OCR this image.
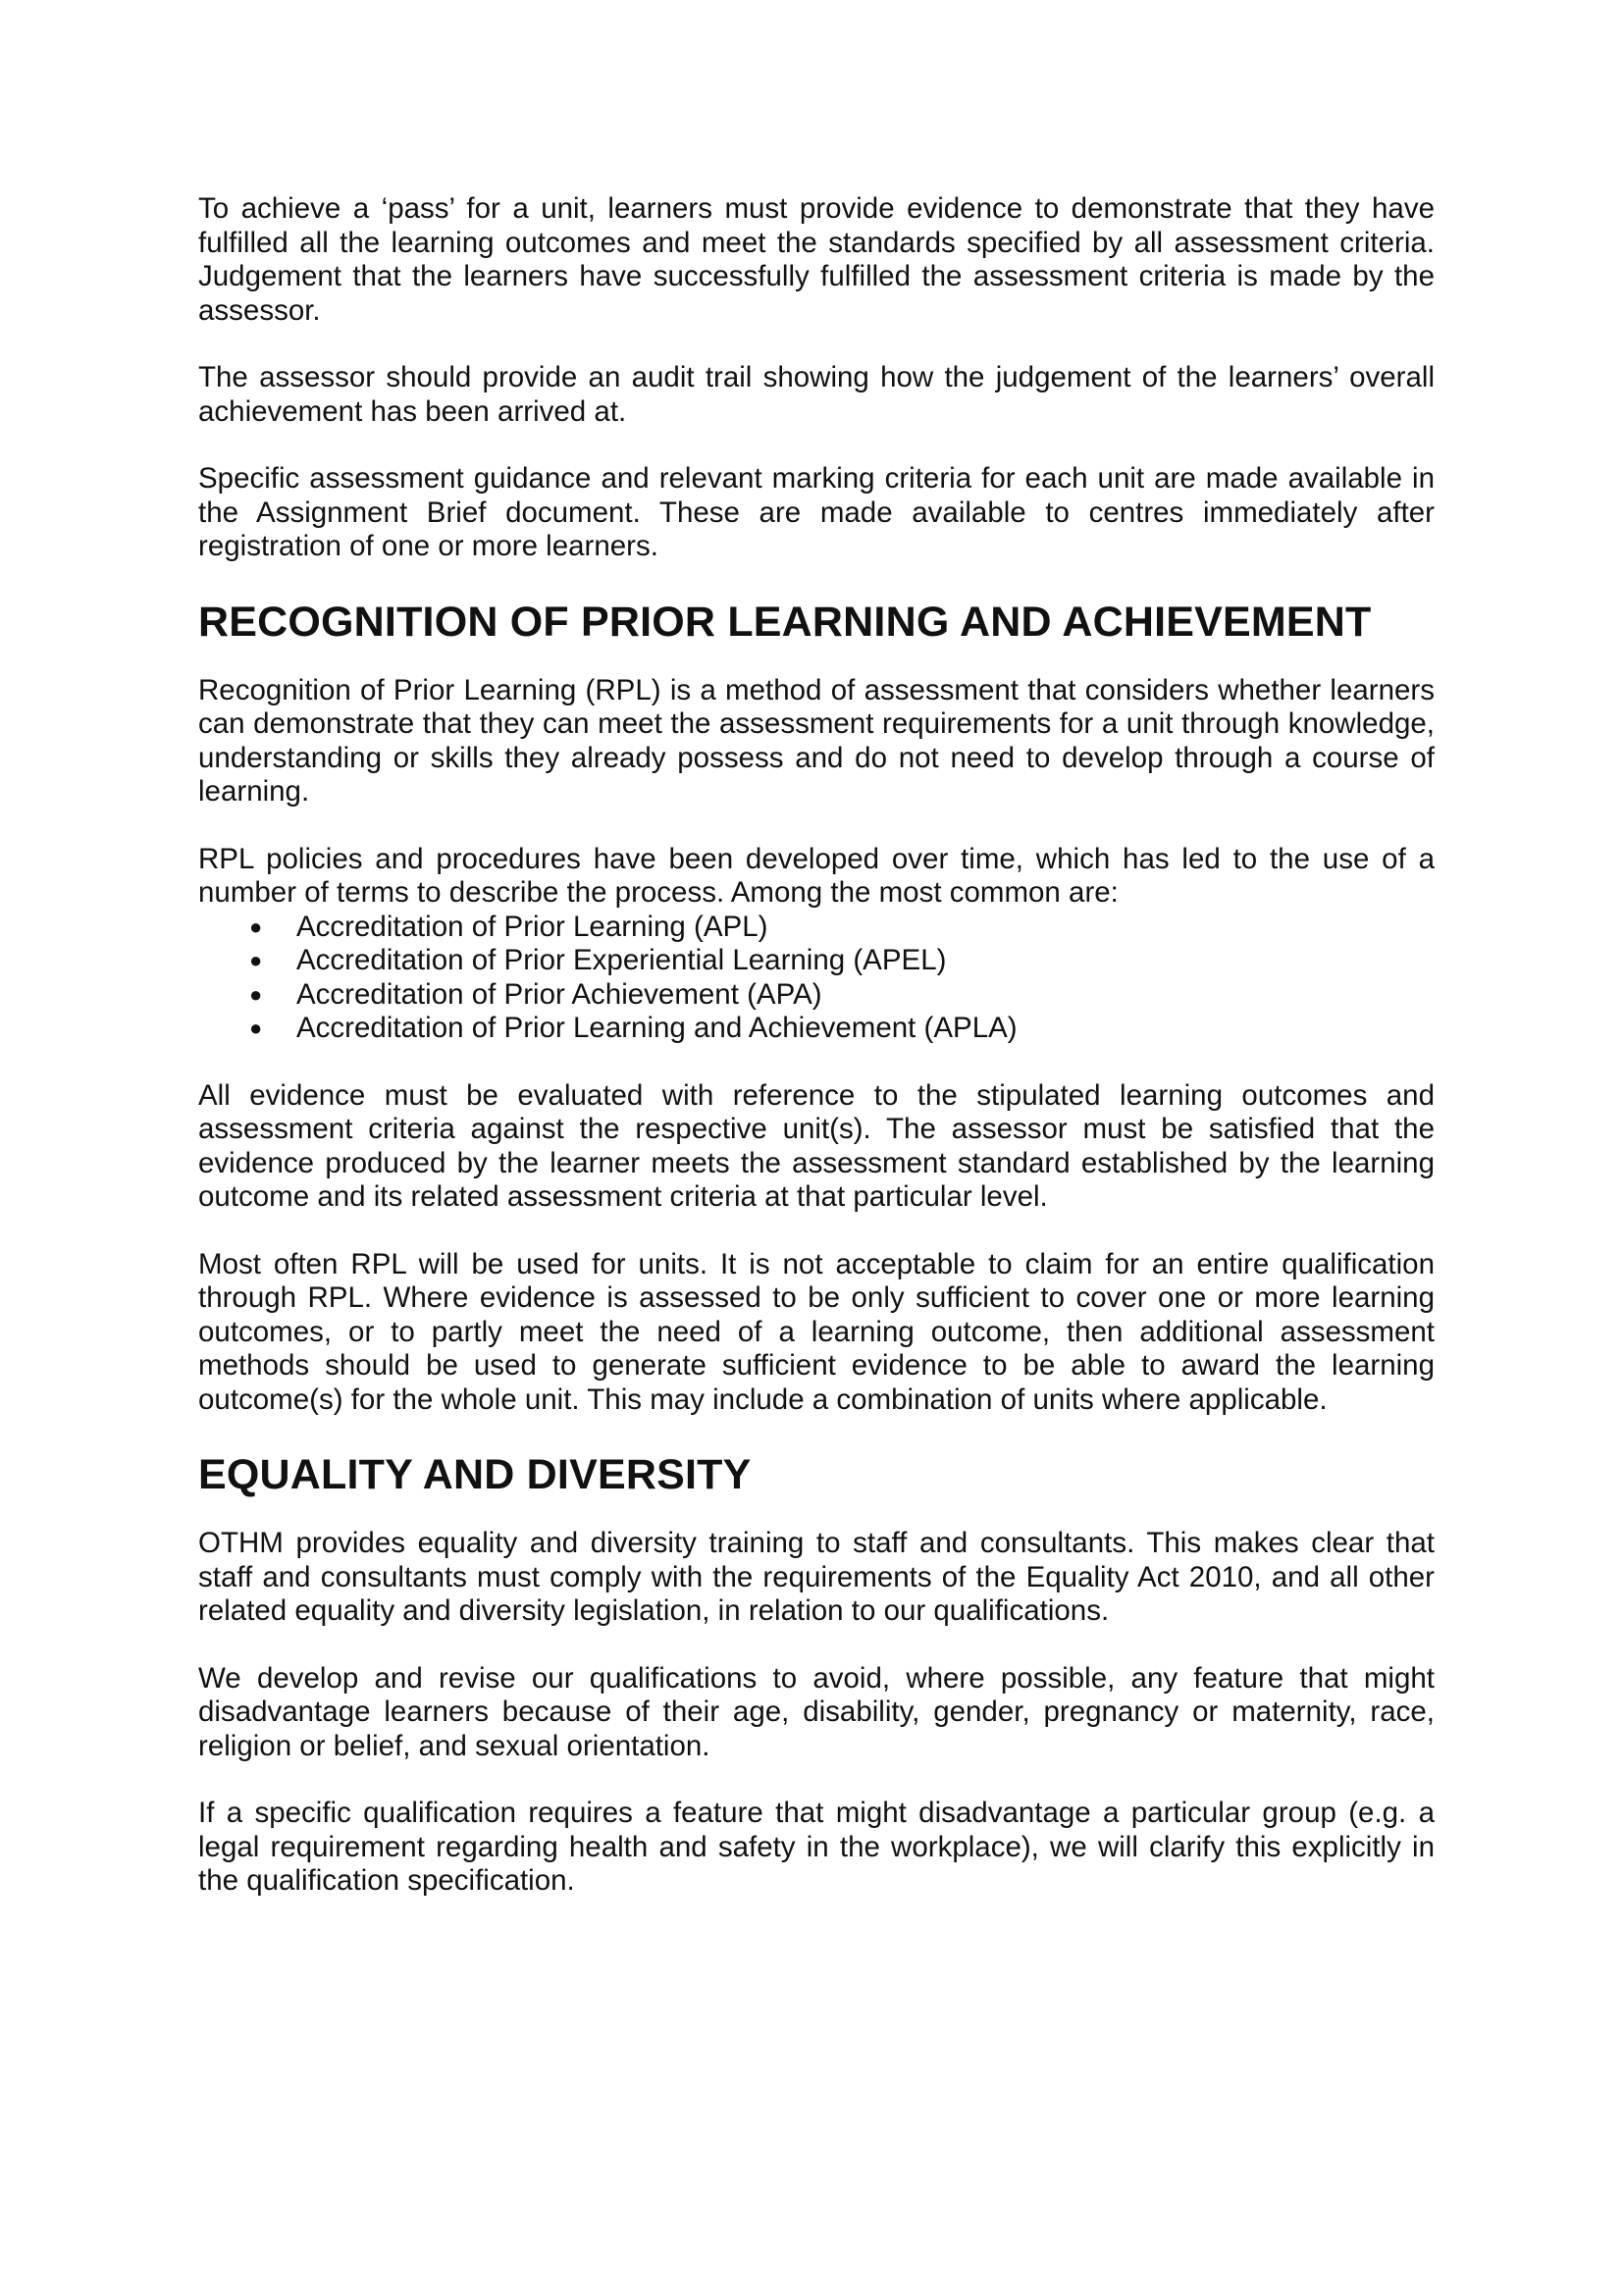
To achieve a ‘pass’ for a unit, learners must provide evidence to demonstrate that they have fulfilled all the learning outcomes and meet the standards specified by all assessment criteria. Judgement that the learners have successfully fulfilled the assessment criteria is made by the assessor.

The assessor should provide an audit trail showing how the judgement of the learners’ overall achievement has been arrived at.

Specific assessment guidance and relevant marking criteria for each unit are made available in the Assignment Brief document. These are made available to centres immediately after registration of one or more learners.

RECOGNITION OF PRIOR LEARNING AND ACHIEVEMENT

Recognition of Prior Learning (RPL) is a method of assessment that considers whether learners can demonstrate that they can meet the assessment requirements for a unit through knowledge, understanding or skills they already possess and do not need to develop through a course of learning.

RPL policies and procedures have been developed over time, which has led to the use of a number of terms to describe the process. Among the most common are:

● Accreditation of Prior Learning (APL)
● Accreditation of Prior Experiential Learning (APEL)
● Accreditation of Prior Achievement (APA)
● Accreditation of Prior Learning and Achievement (APLA)

All evidence must be evaluated with reference to the stipulated learning outcomes and assessment criteria against the respective unit(s). The assessor must be satisfied that the evidence produced by the learner meets the assessment standard established by the learning outcome and its related assessment criteria at that particular level.

Most often RPL will be used for units. It is not acceptable to claim for an entire qualification through RPL. Where evidence is assessed to be only sufficient to cover one or more learning outcomes, or to partly meet the need of a learning outcome, then additional assessment methods should be used to generate sufficient evidence to be able to award the learning outcome(s) for the whole unit. This may include a combination of units where applicable.

EQUALITY AND DIVERSITY

OTHM provides equality and diversity training to staff and consultants. This makes clear that staff and consultants must comply with the requirements of the Equality Act 2010, and all other related equality and diversity legislation, in relation to our qualifications.

We develop and revise our qualifications to avoid, where possible, any feature that might disadvantage learners because of their age, disability, gender, pregnancy or maternity, race, religion or belief, and sexual orientation.

If a specific qualification requires a feature that might disadvantage a particular group (e.g. a legal requirement regarding health and safety in the workplace), we will clarify this explicitly in the qualification specification.
